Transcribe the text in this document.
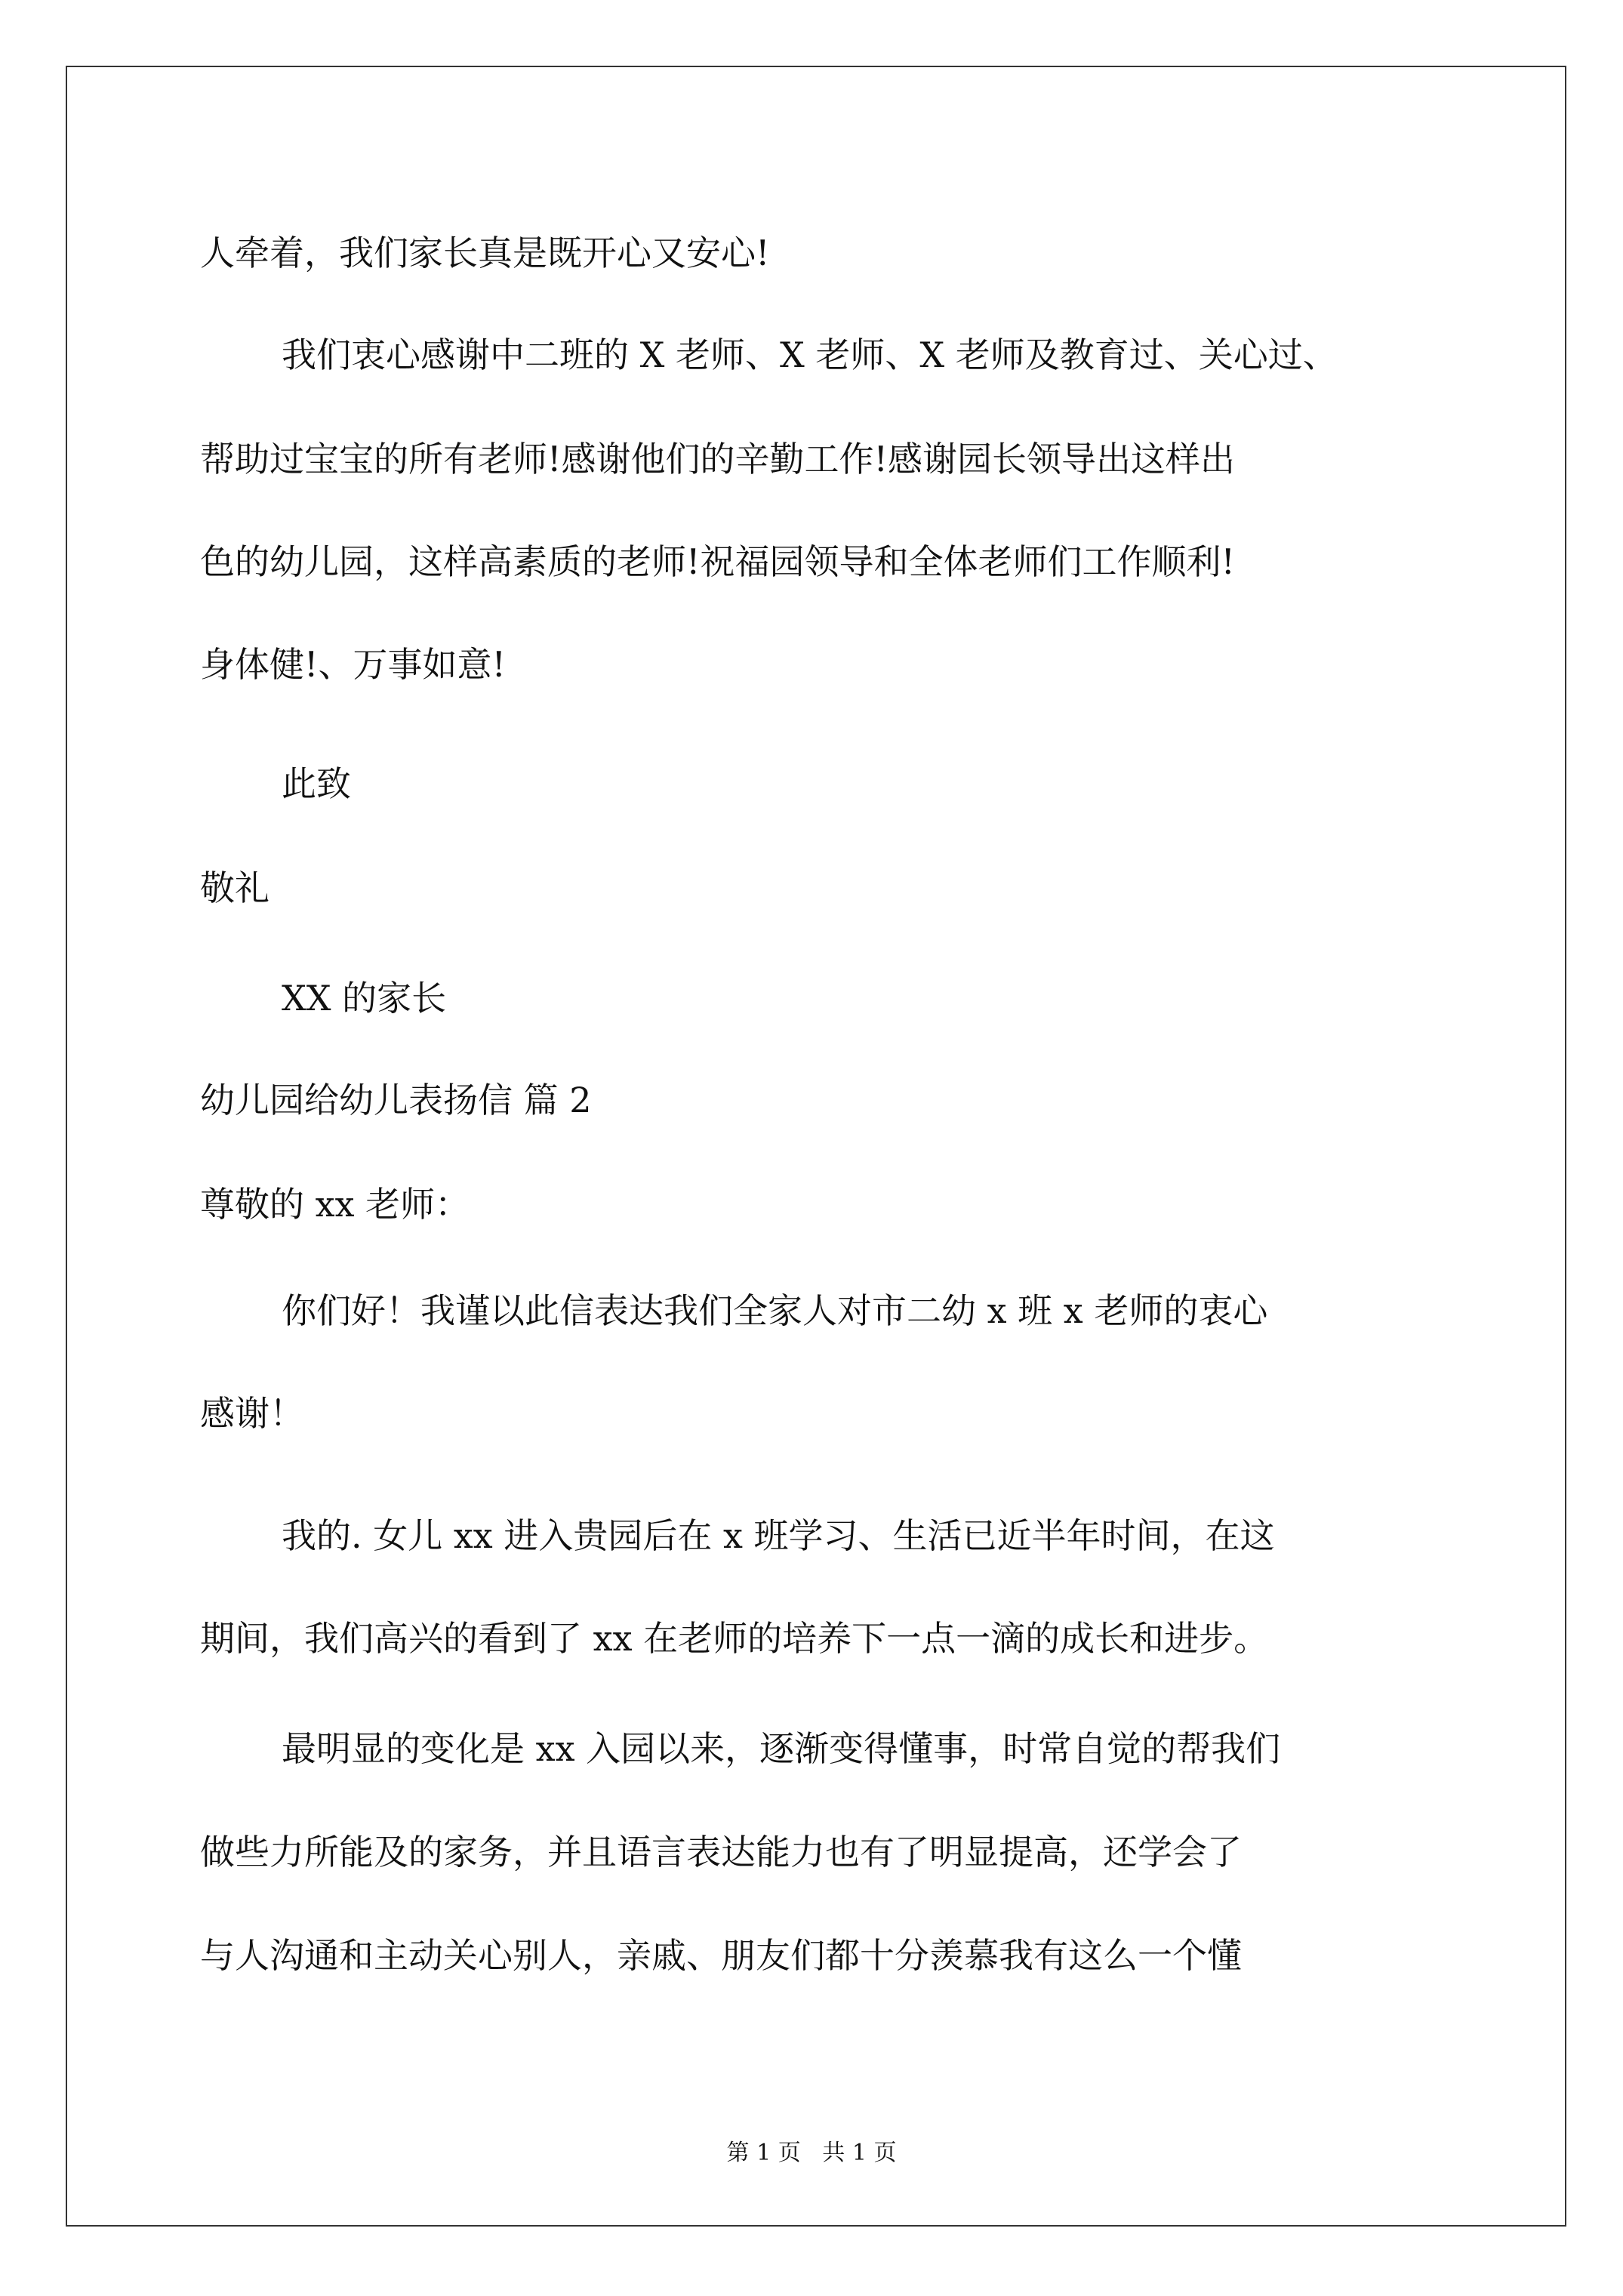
人牵着，我们家长真是既开心又安心!
我们衷心感谢中二班的 X 老师、X 老师、X 老师及教育过、关心过、
帮助过宝宝的所有老师!感谢他们的辛勤工作!感谢园长领导出这样出
色的幼儿园，这样高素质的老师!祝福园领导和全体老师们工作顺利!
身体健!、万事如意!
此致
敬礼
XX 的家长
幼儿园给幼儿表扬信 篇 2
尊敬的 xx 老师：
你们好！我谨以此信表达我们全家人对市二幼 x 班 x 老师的衷心
感谢！
我的. 女儿 xx 进入贵园后在 x 班学习、生活已近半年时间，在这
期间，我们高兴的看到了 xx 在老师的培养下一点一滴的成长和进步。
最明显的变化是 xx 入园以来，逐渐变得懂事，时常自觉的帮我们
做些力所能及的家务，并且语言表达能力也有了明显提高，还学会了
与人沟通和主动关心别人，亲戚、朋友们都十分羡慕我有这么一个懂
第 1 页   共 1 页
